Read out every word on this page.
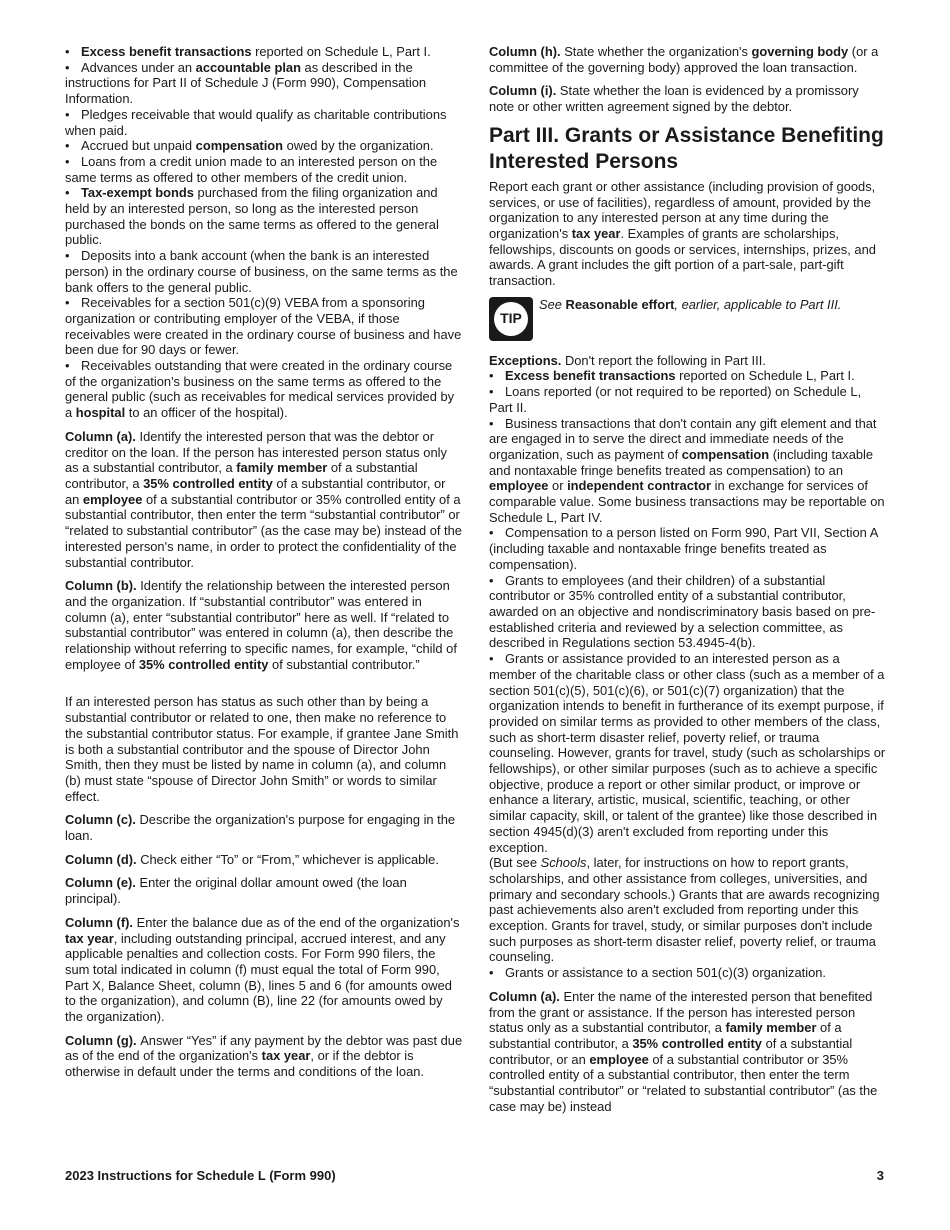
• Excess benefit transactions reported on Schedule L, Part I.

• Advances under an accountable plan as described in the instructions for Part II of Schedule J (Form 990), Compensation Information.

• Pledges receivable that would qualify as charitable contributions when paid.

• Accrued but unpaid compensation owed by the organization.

• Loans from a credit union made to an interested person on the same terms as offered to other members of the credit union.

• Tax-exempt bonds purchased from the filing organization and held by an interested person, so long as the interested person purchased the bonds on the same terms as offered to the general public.

• Deposits into a bank account (when the bank is an interested person) in the ordinary course of business, on the same terms as the bank offers to the general public.

• Receivables for a section 501(c)(9) VEBA from a sponsoring organization or contributing employer of the VEBA, if those receivables were created in the ordinary course of business and have been due for 90 days or fewer.

• Receivables outstanding that were created in the ordinary course of the organization's business on the same terms as offered to the general public (such as receivables for medical services provided by a hospital to an officer of the hospital).

Column (a). Identify the interested person that was the debtor or creditor on the loan. If the person has interested person status only as a substantial contributor, a family member of a substantial contributor, a 35% controlled entity of a substantial contributor, or an employee of a substantial contributor or 35% controlled entity of a substantial contributor, then enter the term “substantial contributor” or “related to substantial contributor” (as the case may be) instead of the interested person's name, in order to protect the confidentiality of the substantial contributor.

Column (b). Identify the relationship between the interested person and the organization. If “substantial contributor” was entered in column (a), enter “substantial contributor” here as well. If “related to substantial contributor” was entered in column (a), then describe the relationship without referring to specific names, for example, “child of employee of 35% controlled entity of substantial contributor.”

If an interested person has status as such other than by being a substantial contributor or related to one, then make no reference to the substantial contributor status. For example, if grantee Jane Smith is both a substantial contributor and the spouse of Director John Smith, then they must be listed by name in column (a), and column (b) must state “spouse of Director John Smith” or words to similar effect.

Column (c). Describe the organization's purpose for engaging in the loan.

Column (d). Check either “To” or “From,” whichever is applicable.

Column (e). Enter the original dollar amount owed (the loan principal).

Column (f). Enter the balance due as of the end of the organization's tax year, including outstanding principal, accrued interest, and any applicable penalties and collection costs. For Form 990 filers, the sum total indicated in column (f) must equal the total of Form 990, Part X, Balance Sheet, column (B), lines 5 and 6 (for amounts owed to the organization), and column (B), line 22 (for amounts owed by the organization).

Column (g). Answer “Yes” if any payment by the debtor was past due as of the end of the organization's tax year, or if the debtor is otherwise in default under the terms and conditions of the loan.

Column (h). State whether the organization's governing body (or a committee of the governing body) approved the loan transaction.

Column (i). State whether the loan is evidenced by a promissory note or other written agreement signed by the debtor.

Part III. Grants or Assistance Benefiting Interested Persons

Report each grant or other assistance (including provision of goods, services, or use of facilities), regardless of amount, provided by the organization to any interested person at any time during the organization's tax year. Examples of grants are scholarships, fellowships, discounts on goods or services, internships, prizes, and awards. A grant includes the gift portion of a part-sale, part-gift transaction.

TIP
See Reasonable effort, earlier, applicable to Part III.

Exceptions. Don't report the following in Part III.

• Excess benefit transactions reported on Schedule L, Part I.

• Loans reported (or not required to be reported) on Schedule L, Part II.

• Business transactions that don't contain any gift element and that are engaged in to serve the direct and immediate needs of the organization, such as payment of compensation (including taxable and nontaxable fringe benefits treated as compensation) to an employee or independent contractor in exchange for services of comparable value. Some business transactions may be reportable on Schedule L, Part IV.

• Compensation to a person listed on Form 990, Part VII, Section A (including taxable and nontaxable fringe benefits treated as compensation).

• Grants to employees (and their children) of a substantial contributor or 35% controlled entity of a substantial contributor, awarded on an objective and nondiscriminatory basis based on pre-established criteria and reviewed by a selection committee, as described in Regulations section 53.4945-4(b).

• Grants or assistance provided to an interested person as a member of the charitable class or other class (such as a member of a section 501(c)(5), 501(c)(6), or 501(c)(7) organization) that the organization intends to benefit in furtherance of its exempt purpose, if provided on similar terms as provided to other members of the class, such as short-term disaster relief, poverty relief, or trauma counseling. However, grants for travel, study (such as scholarships or fellowships), or other similar purposes (such as to achieve a specific objective, produce a report or other similar product, or improve or enhance a literary, artistic, musical, scientific, teaching, or other similar capacity, skill, or talent of the grantee) like those described in section 4945(d)(3) aren't excluded from reporting under this exception.

(But see Schools, later, for instructions on how to report grants, scholarships, and other assistance from colleges, universities, and primary and secondary schools.) Grants that are awards recognizing past achievements also aren't excluded from reporting under this exception. Grants for travel, study, or similar purposes don't include such purposes as short-term disaster relief, poverty relief, or trauma counseling.

• Grants or assistance to a section 501(c)(3) organization.

Column (a). Enter the name of the interested person that benefited from the grant or assistance. If the person has interested person status only as a substantial contributor, a family member of a substantial contributor, a 35% controlled entity of a substantial contributor, or an employee of a substantial contributor or 35% controlled entity of a substantial contributor, then enter the term “substantial contributor” or “related to substantial contributor” (as the case may be) instead

2023 Instructions for Schedule L (Form 990)	3
